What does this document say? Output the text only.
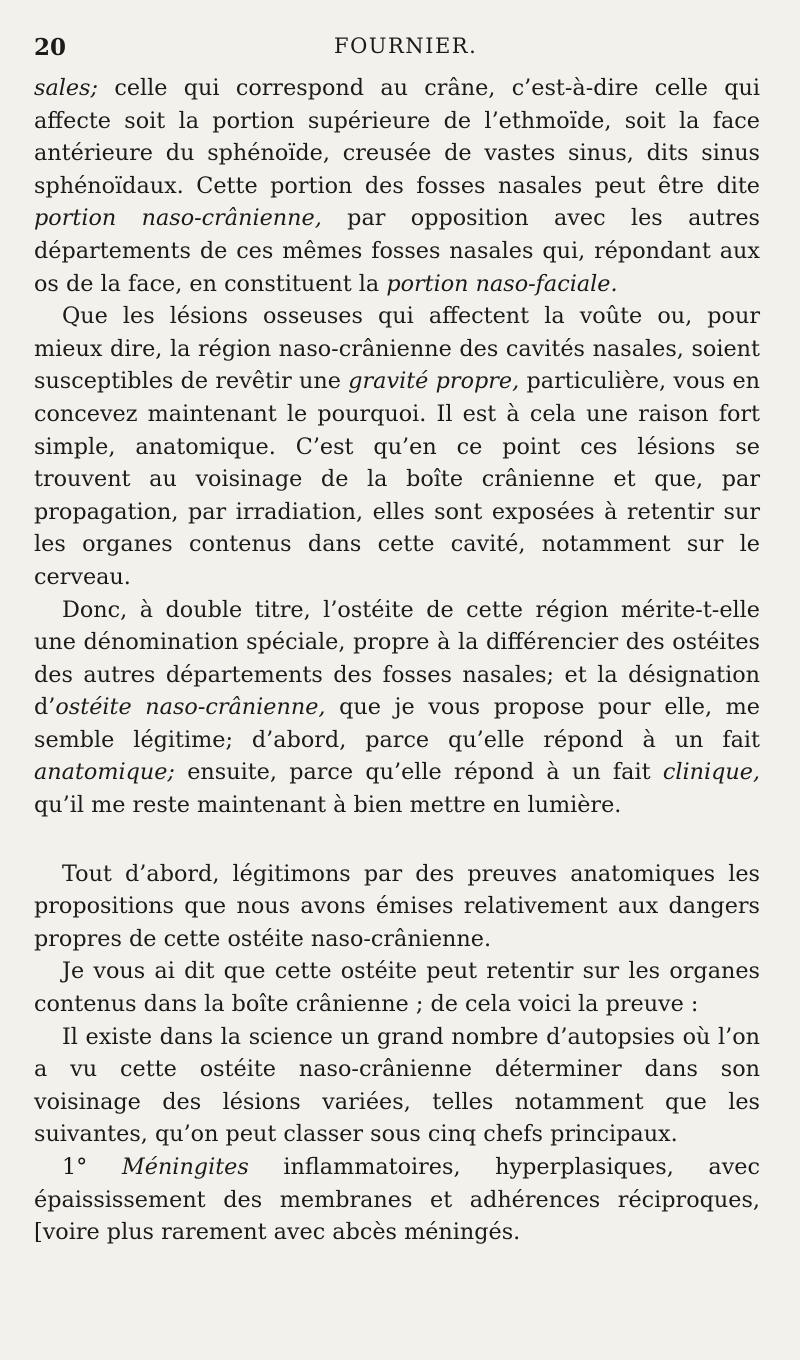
20	FOURNIER.

sales; celle qui correspond au crâne, c’est-à-dire celle qui affecte soit la portion supérieure de l’ethmoïde, soit la face antérieure du sphénoïde, creusée de vastes sinus, dits sinus sphénoïdaux. Cette portion des fosses nasales peut être dite portion naso-crânienne, par opposition avec les autres départements de ces mêmes fosses nasales qui, répondant aux os de la face, en constituent la portion naso-faciale.

Que les lésions osseuses qui affectent la voûte ou, pour mieux dire, la région naso-crânienne des cavités nasales, soient susceptibles de revêtir une gravité propre, particulière, vous en concevez maintenant le pourquoi. Il est à cela une raison fort simple, anatomique. C’est qu’en ce point ces lésions se trouvent au voisinage de la boîte crânienne et que, par propagation, par irradiation, elles sont exposées à retentir sur les organes contenus dans cette cavité, notamment sur le cerveau.

Donc, à double titre, l’ostéite de cette région mérite-t-elle une dénomination spéciale, propre à la différencier des ostéites des autres départements des fosses nasales; et la désignation d’ostéite naso-crânienne, que je vous propose pour elle, me semble légitime; d’abord, parce qu’elle répond à un fait anatomique; ensuite, parce qu’elle répond à un fait clinique, qu’il me reste maintenant à bien mettre en lumière.

Tout d’abord, légitimons par des preuves anatomiques les propositions que nous avons émises relativement aux dangers propres de cette ostéite naso-crânienne.

Je vous ai dit que cette ostéite peut retentir sur les organes contenus dans la boîte crânienne ; de cela voici la preuve :

Il existe dans la science un grand nombre d’autopsies où l’on a vu cette ostéite naso-crânienne déterminer dans son voisinage des lésions variées, telles notamment que les suivantes, qu’on peut classer sous cinq chefs principaux.

1° Méningites inflammatoires, hyperplasiques, avec épaississement des membranes et adhérences réciproques, [voire plus rarement avec abcès méningés.
